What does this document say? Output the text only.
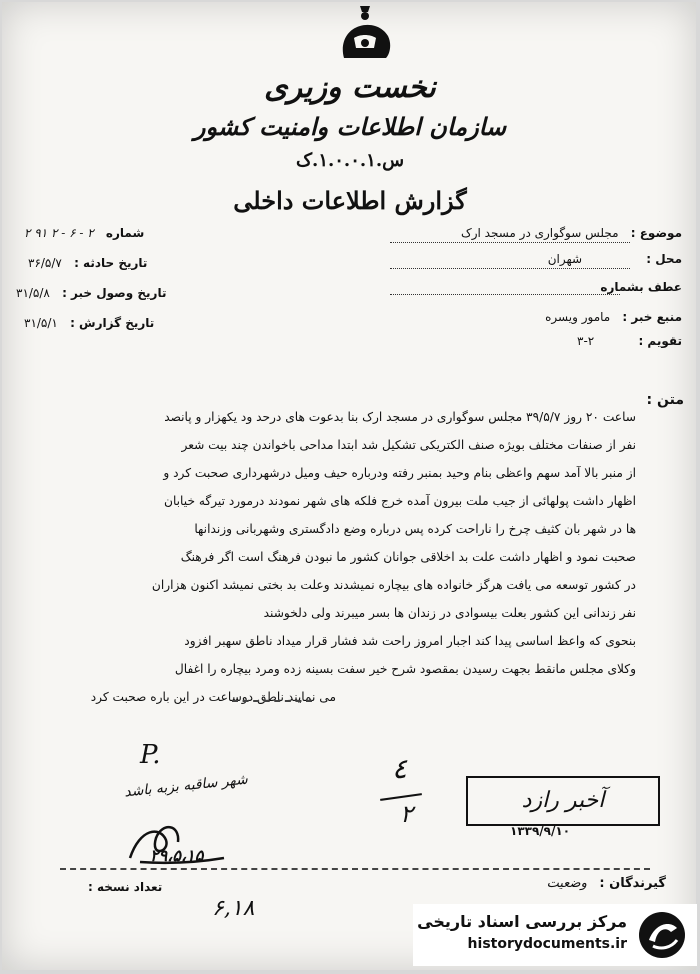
نخست وزیری
سازمان اطلاعات وامنیت کشور
س.۱.۰.۰.۱.ک
گزارش اطلاعات داخلی
موضوع : مجلس سوگواری در مسجد ارک
محل : شهران
عطف بشماره
منبع خبر : مامور ویسره
تقویم : ۲-۳
شماره ۲ - ۶ - ۲ ۹۱ ۲
تاریخ حادثه : ۳۶/۵/۷
تاریخ وصول خبر : ۳۱/۵/۸
تاریخ گزارش : ۳۱/۵/۱
متن :
ساعت ۲۰ روز ۳۹/۵/۷ مجلس سوگواری در مسجد ارک بنا بدعوت های درحد ود یکهزار و پانصد
نفر از صنفات مختلف بویژه صنف الکتریکی تشکیل شد ابتدا مداحی باخواندن چند بیت شعر
از منبر بالا آمد سهم واعظی بنام وحید بمنبر رفته ودرباره حیف ومیل درشهرداری صحبت کرد و
اظهار داشت پولهائی از جیب ملت بیرون آمده خرج فلکه های شهر نمودند درمورد تیرگه خیابان
ها در شهر بان کثیف چرخ را ناراحت کرده پس درباره وضع دادگستری وشهربانی وزندانها
صحبت نمود و اظهار داشت علت بد اخلاقی جوانان کشور ما نبودن فرهنگ است اگر فرهنگ
در کشور توسعه می یافت هرگز خانواده های بیچاره نمیشدند وعلت بد بختی نمیشد اکنون هزاران
نفر زندانی این کشور بعلت بیسوادی در زندان ها بسر میبرند ولی دلخوشند
بنحوی که واعظ اساسی پیدا کند اجبار امروز راحت شد فشار قرار میداد ناطق سهبر افزود
وکلای مجلس مانقط بجهت رسیدن بمقصود شرح خیر سفت بسینه زده ومرد بیچاره را اغفال
می نمایند ناطق دوساعت در این باره صحبت کرد
P.
شهر ساقبه بزبه باشد
۲۹،۵،۱۵
٤
۲	آخبر رازد
۱۳۳۹/۹/۱۰
گیرندگان : وضعیت
تعداد نسخه :
۶,۱۸
مرکز بررسی اسناد تاریخی
historydocuments.ir
